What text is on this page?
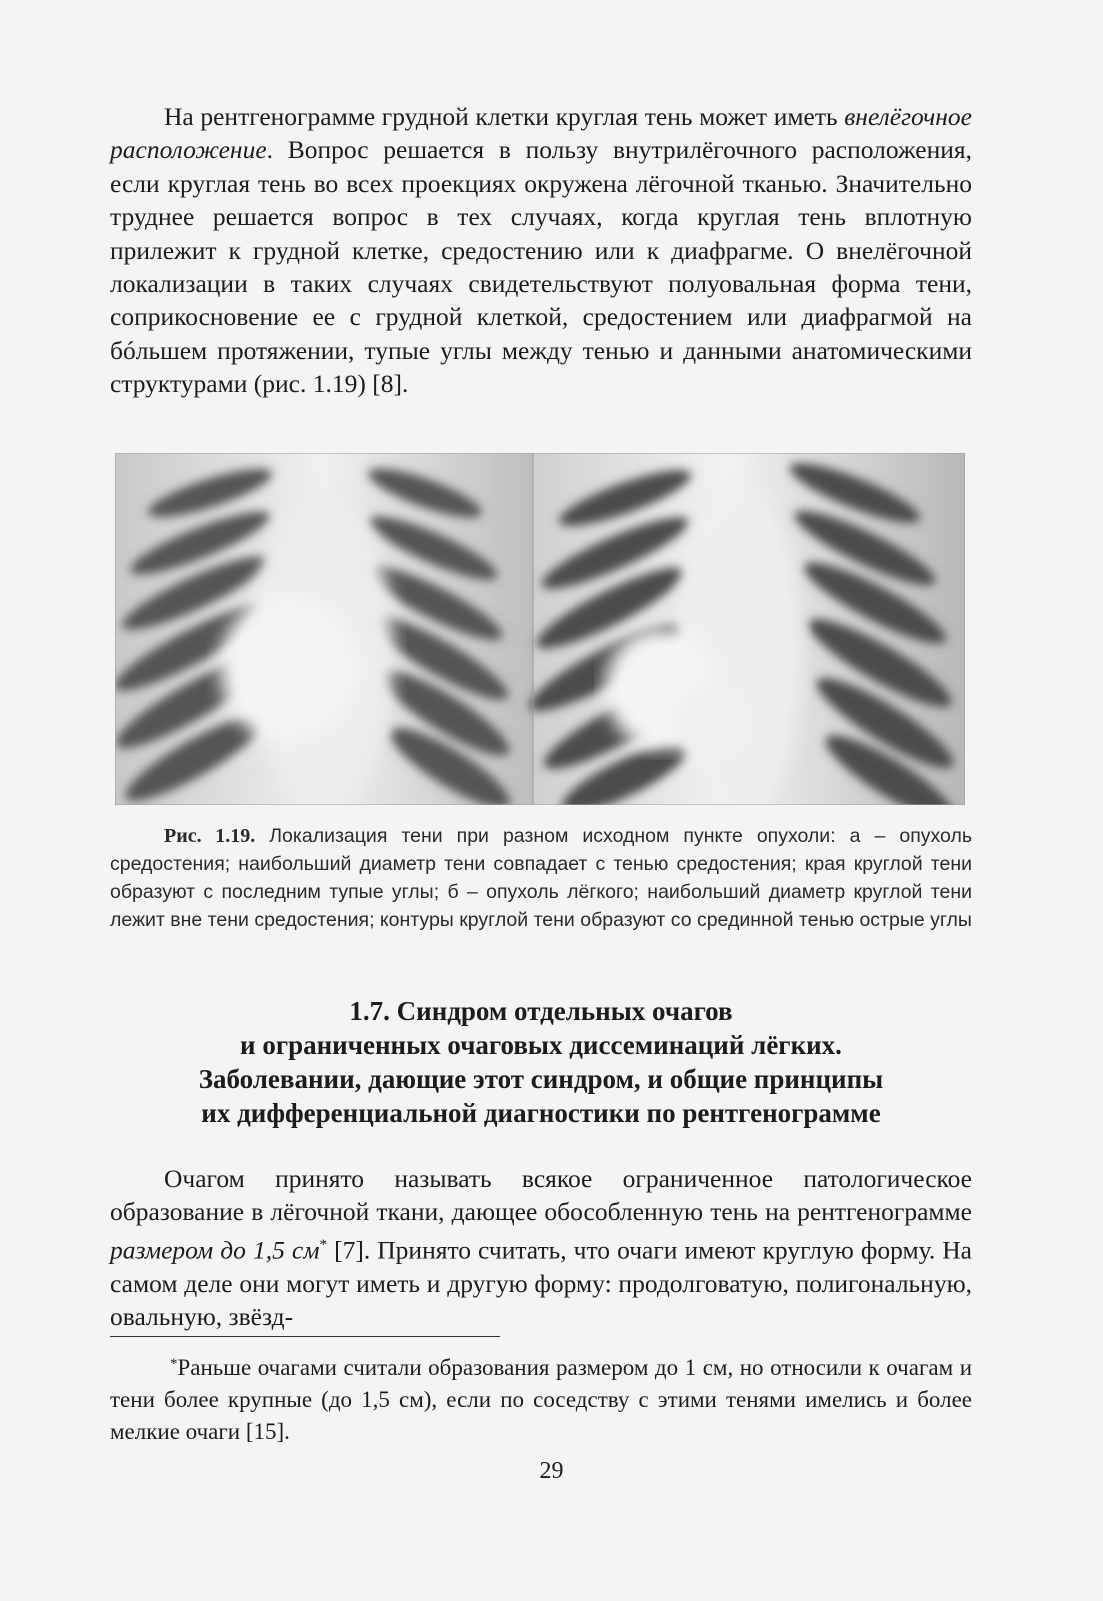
На рентгенограмме грудной клетки круглая тень может иметь внелёгочное расположение. Вопрос решается в пользу внутрилёгочного расположения, если круглая тень во всех проекциях окружена лёгочной тканью. Значительно труднее решается вопрос в тех случаях, когда круглая тень вплотную прилежит к грудной клетке, средостению или к диафрагме. О внелёгочной локализации в таких случаях свидетельствуют полуовальная форма тени, соприкосновение ее с грудной клеткой, средостением или диафрагмой на бóльшем протяжении, тупые углы между тенью и данными анатомическими структурами (рис. 1.19) [8].
Рис. 1.19. Локализация тени при разном исходном пункте опухоли: а – опухоль средостения; наибольший диаметр тени совпадает с тенью средостения; края круглой тени образуют с последним тупые углы; б – опухоль лёгкого; наибольший диаметр круглой тени лежит вне тени средостения; контуры круглой тени образуют со срединной тенью острые углы
1.7. Синдром отдельных очагов
и ограниченных очаговых диссеминаций лёгких.
Заболевании, дающие этот синдром, и общие принципы
их дифференциальной диагностики по рентгенограмме
Очагом принято называть всякое ограниченное патологическое образование в лёгочной ткани, дающее обособленную тень на рентгенограмме размером до 1,5 см* [7]. Принято считать, что очаги имеют круглую форму. На самом деле они могут иметь и другую форму: продолговатую, полигональную, овальную, звёзд-
*Раньше очагами считали образования размером до 1 см, но относили к очагам и тени более крупные (до 1,5 см), если по соседству с этими тенями имелись и более мелкие очаги [15].
29
